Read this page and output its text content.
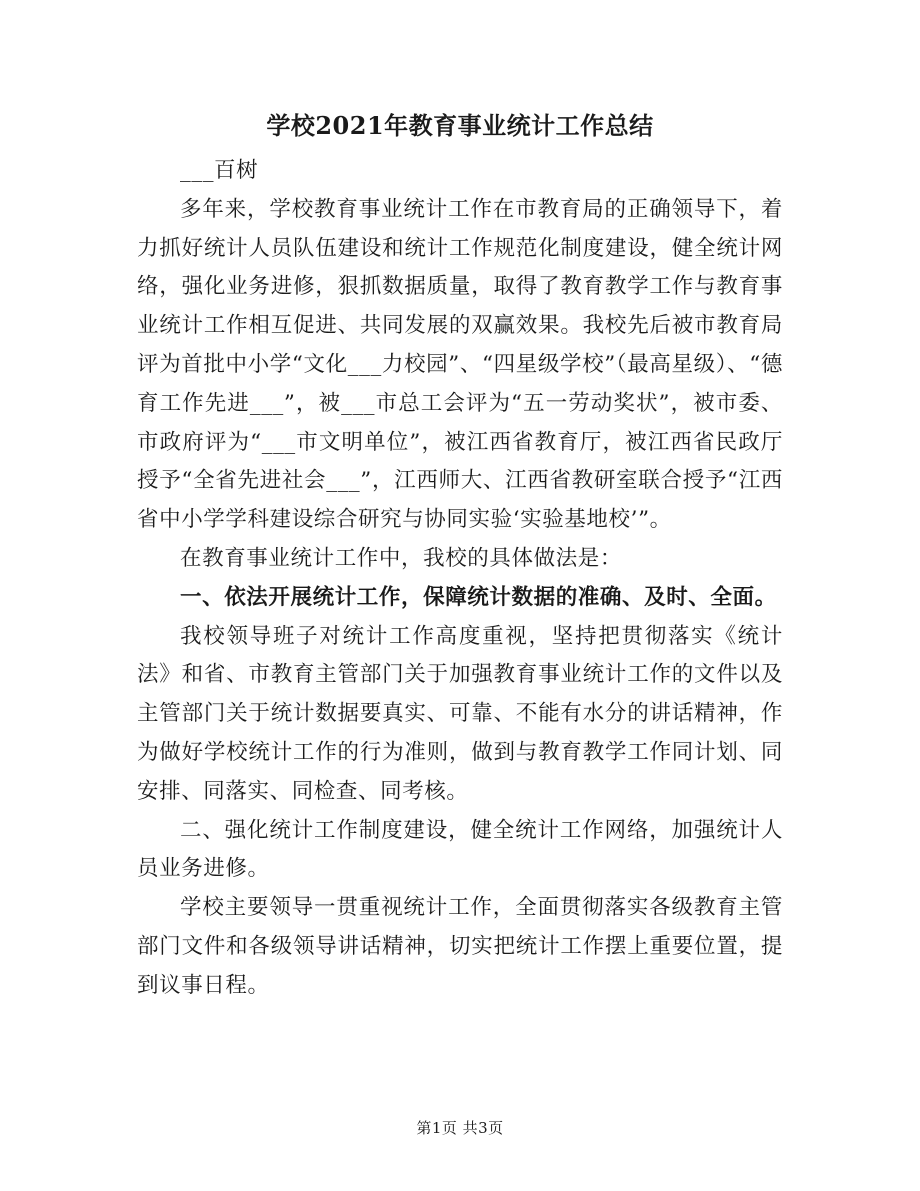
学校2021年教育事业统计工作总结

___百树

多年来，学校教育事业统计工作在市教育局的正确领导下，着力抓好统计人员队伍建设和统计工作规范化制度建设，健全统计网络，强化业务进修，狠抓数据质量，取得了教育教学工作与教育事业统计工作相互促进、共同发展的双赢效果。我校先后被市教育局评为首批中小学“文化___力校园”、“四星级学校”（最高星级）、“德育工作先进___”，被___市总工会评为“五一劳动奖状”，被市委、市政府评为“___市文明单位”，被江西省教育厅，被江西省民政厅授予“全省先进社会___”，江西师大、江西省教研室联合授予“江西省中小学学科建设综合研究与协同实验‘实验基地校’”。

在教育事业统计工作中，我校的具体做法是：

一、依法开展统计工作，保障统计数据的准确、及时、全面。

我校领导班子对统计工作高度重视，坚持把贯彻落实《统计法》和省、市教育主管部门关于加强教育事业统计工作的文件以及主管部门关于统计数据要真实、可靠、不能有水分的讲话精神，作为做好学校统计工作的行为准则，做到与教育教学工作同计划、同安排、同落实、同检查、同考核。

二、强化统计工作制度建设，健全统计工作网络，加强统计人员业务进修。

学校主要领导一贯重视统计工作，全面贯彻落实各级教育主管部门文件和各级领导讲话精神，切实把统计工作摆上重要位置，提到议事日程。

第1页 共3页
